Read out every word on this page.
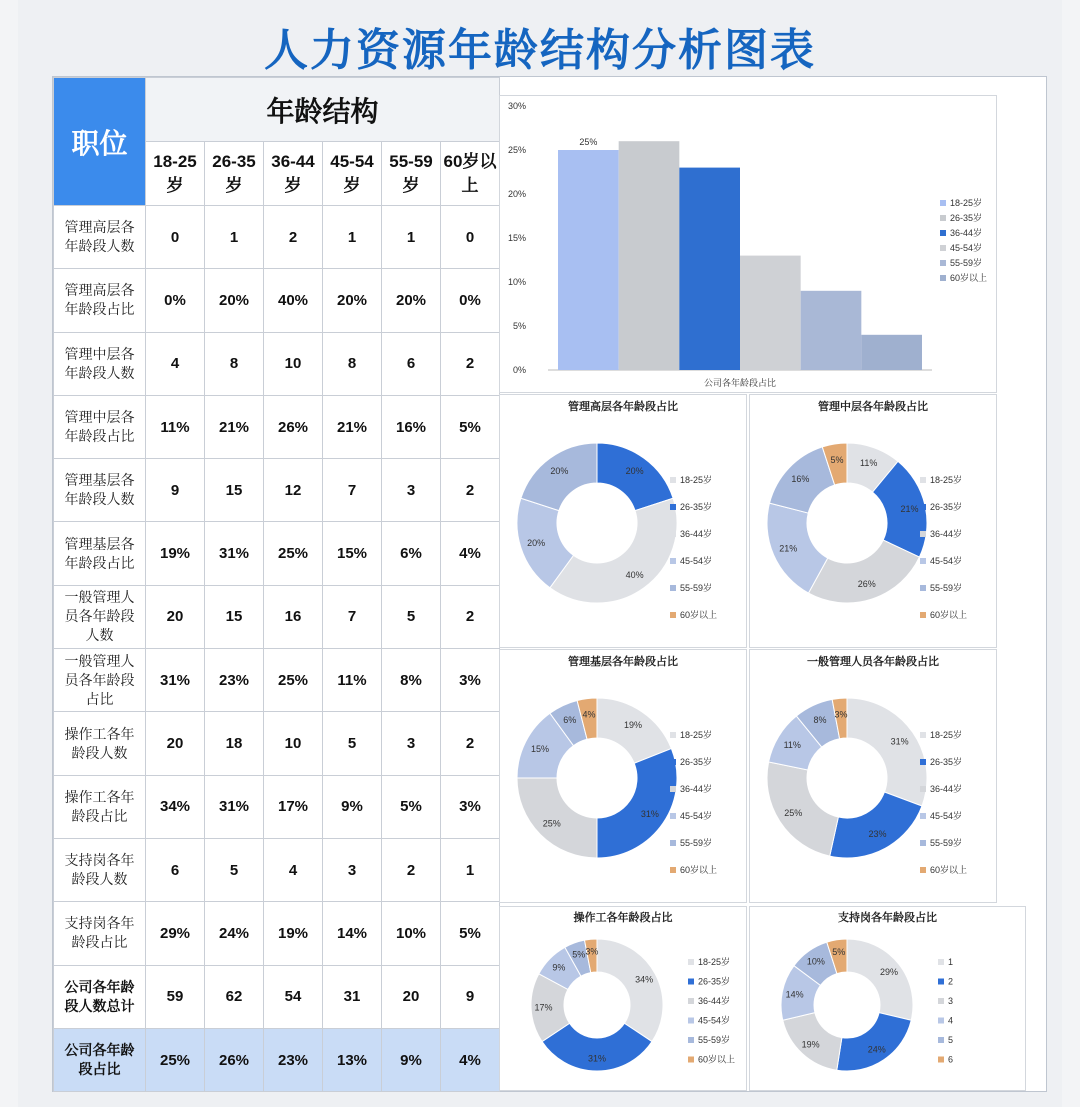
人力资源年龄结构分析图表
职位	年龄结构					
	18-25岁	26-35岁	36-44岁	45-54岁	55-59岁	60岁以上
管理高层各年龄段人数	0	1	2	1	1	0
管理高层各年龄段占比	0%	20%	40%	20%	20%	0%
管理中层各年龄段人数	4	8	10	8	6	2
管理中层各年龄段占比	11%	21%	26%	21%	16%	5%
管理基层各年龄段人数	9	15	12	7	3	2
管理基层各年龄段占比	19%	31%	25%	15%	6%	4%
一般管理人员各年龄段人数	20	15	16	7	5	2
一般管理人员各年龄段占比	31%	23%	25%	11%	8%	3%
操作工各年龄段人数	20	18	10	5	3	2
操作工各年龄段占比	34%	31%	17%	9%	5%	3%
支持岗各年龄段人数	6	5	4	3	2	1
支持岗各年龄段占比	29%	24%	19%	14%	10%	5%
公司各年龄段人数总计	59	62	54	31	20	9
公司各年龄段占比	25%	26%	23%	13%	9%	4%
0%
5%
10%
15%
20%
25%
30%
25%
公司各年龄段占比
18-25岁
26-35岁
36-44岁
45-54岁
55-59岁
60岁以上
管理高层各年龄段占比
20%
40%
20%
20%
18-25岁
26-35岁
36-44岁
45-54岁
55-59岁
60岁以上
管理中层各年龄段占比
11%
21%
26%
21%
16%
5%
18-25岁
26-35岁
36-44岁
45-54岁
55-59岁
60岁以上
管理基层各年龄段占比
19%
31%
25%
15%
6%
4%
18-25岁
26-35岁
36-44岁
45-54岁
55-59岁
60岁以上
一般管理人员各年龄段占比
31%
23%
25%
11%
8%
3%
18-25岁
26-35岁
36-44岁
45-54岁
55-59岁
60岁以上
操作工各年龄段占比
34%
31%
17%
9%
5% 3%
18-25岁
26-35岁
36-44岁
45-54岁
55-59岁
60岁以上
支持岗各年龄段占比
29%
24%
19%
14%
10%
5%
1
2
3
4
5
6
